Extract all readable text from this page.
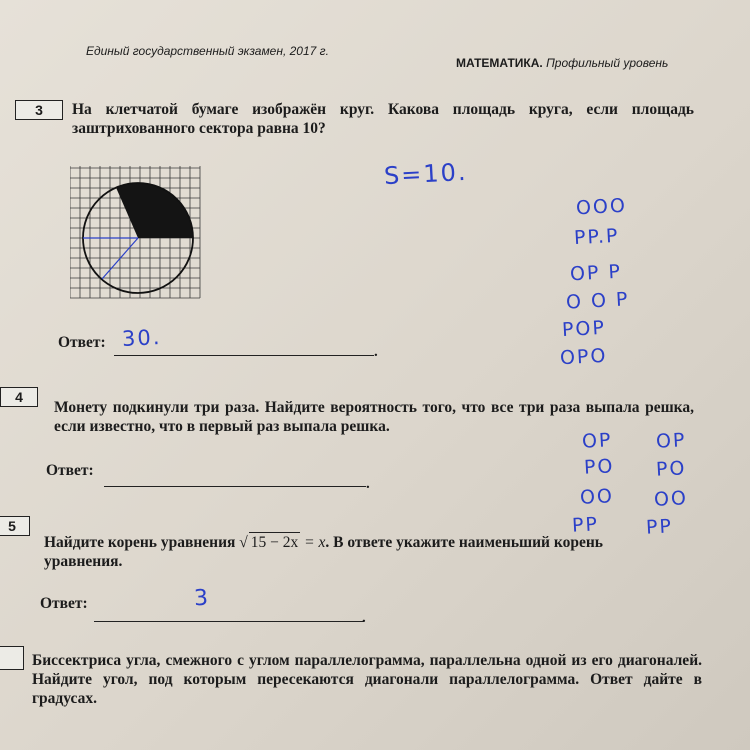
Единый государственный экзамен, 2017 г.
МАТЕМАТИКА. Профильный уровень
3	На клетчатой бумаге изображён круг. Какова площадь круга, если площадь заштрихованного сектора равна 10?
Ответ:
.
30.
S=10.
OOO
PP.P
OP P
O O P
POP
OPO
4
Монету подкинули три раза. Найдите вероятность того, что все три раза выпала решка, если известно, что в первый раз выпала решка.
Ответ:
.
OP
PO
OO
PP
OP
PO
OO
PP
5
Найдите корень уравнения √ 15 − 2x = x. В ответе укажите наименьший корень уравнения.
Ответ:
.
3

Биссектриса угла, смежного с углом параллелограмма, параллельна одной из его диагоналей. Найдите угол, под которым пересекаются диагонали параллелограмма. Ответ дайте в градусах.
